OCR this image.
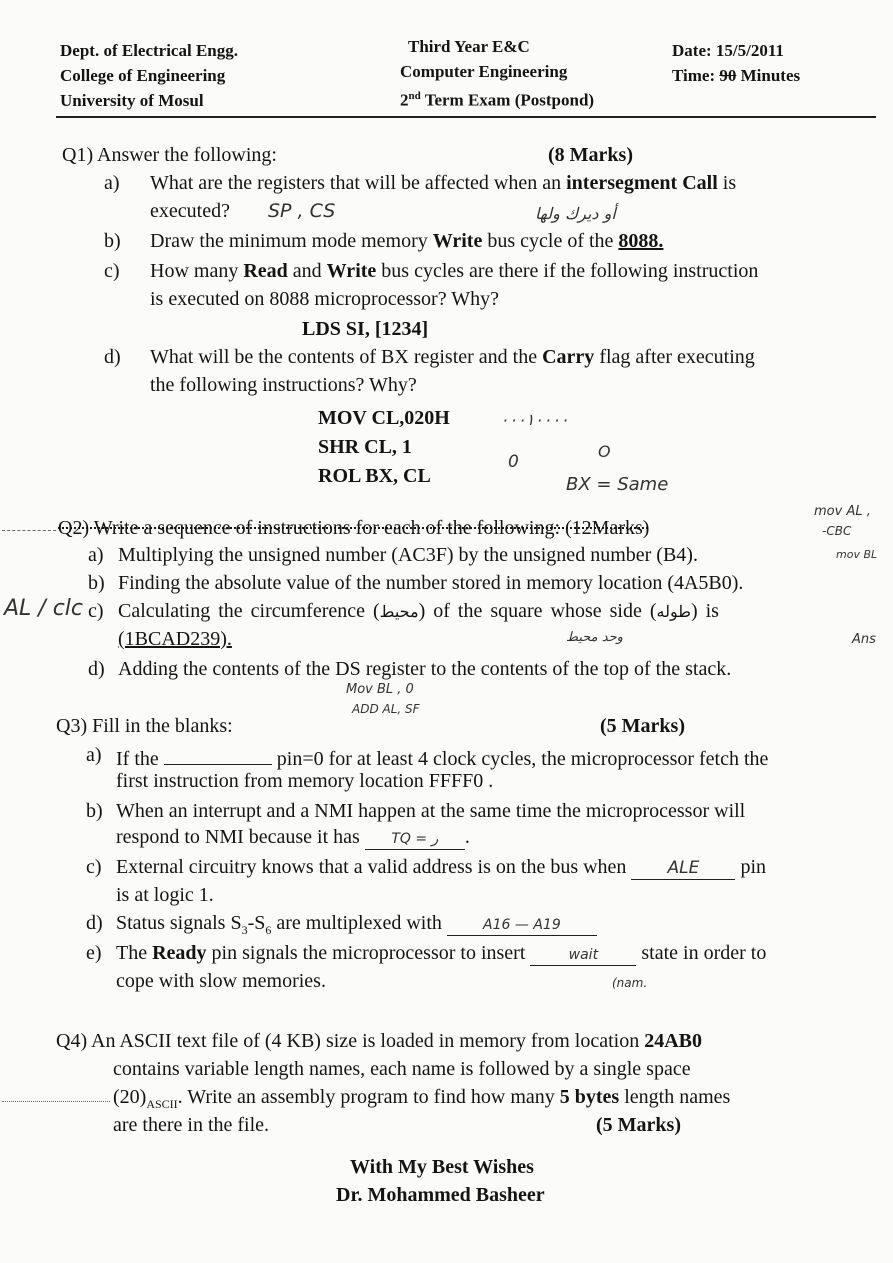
Dept. of Electrical Engg.
College of Engineering
University of Mosul
Third Year E&C
Computer Engineering
2nd Term Exam (Postpond)
Date: 15/5/2011
Time: 90 Minutes
Q1) Answer the following:	(8 Marks)
a) What are the registers that will be affected when an intersegment Call is
executed? SP , CS	أو ديرك ولها
b) Draw the minimum mode memory Write bus cycle of the 8088.
c) How many Read and Write bus cycles are there if the following instruction
is executed on 8088 microprocessor? Why?
LDS SI, [1234]
d) What will be the contents of BX register and the Carry flag after executing
the following instructions? Why?
MOV CL,020H
SHR CL, 1
ROL BX, CL
۰۰۰۱۰۰۰۰
0
O
BX = Same
Q2) Write a sequence of instructions for each of the following: (12Marks)
mov AL ,
-CBC
mov BL
a) Multiplying the unsigned number (AC3F) by the unsigned number (B4).
b) Finding the absolute value of the number stored in memory location (4A5B0).
AL / clc c) Calculating the circumference (محيط) of the square whose side (طوله) is
(1BCAD239).	وحد محيط	Ans
d) Adding the contents of the DS register to the contents of the top of the stack.
Mov BL , 0
ADD AL, SF
Q3) Fill in the blanks:	(5 Marks)
a) If the	pin=0 for at least 4 clock cycles, the microprocessor fetch the
first instruction from memory location FFFF0 .
b) When an interrupt and a NMI happen at the same time the microprocessor will
respond to NMI because it has TQ = ر .
c) External circuitry knows that a valid address is on the bus when ALE pin
is at logic 1.
d) Status signals $S_3-S_6$ are multiplexed with	A16 — A19
e) The Ready pin signals the microprocessor to insert	wait state in order to
cope with slow memories.	(nam.
Q4) An ASCII text file of (4 KB) size is loaded in memory from location 24AB0
contains variable length names, each name is followed by a single space
$(20)_{ASCII}$. Write an assembly program to find how many 5 bytes length names
are there in the file.	(5 Marks)
With My Best Wishes
Dr. Mohammed Basheer
